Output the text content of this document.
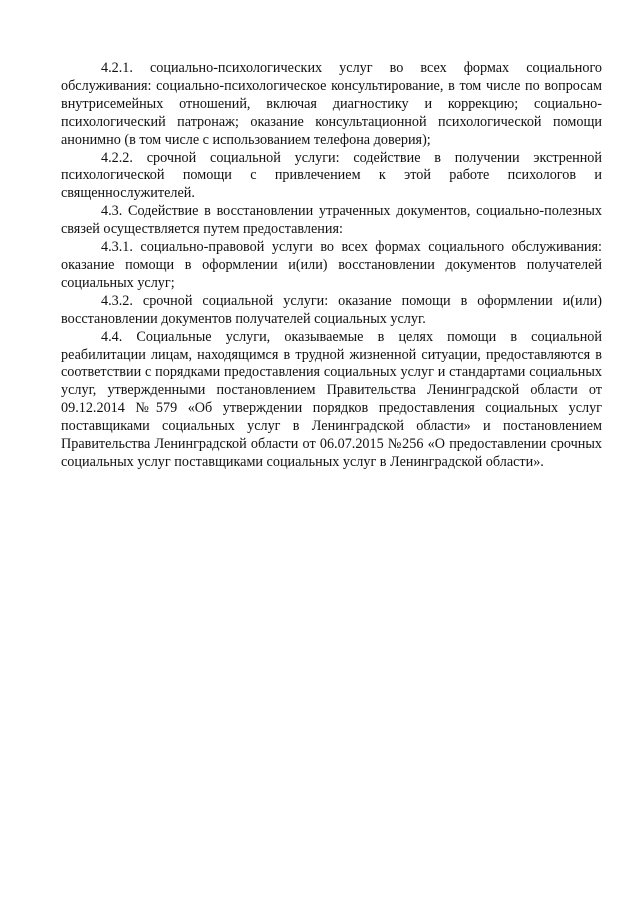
4.2.1. социально-психологических услуг во всех формах социального обслуживания: социально-психологическое консультирование, в том числе по вопросам внутрисемейных отношений, включая диагностику и коррекцию; социально-психологический патронаж; оказание консультационной психологической помощи анонимно (в том числе с использованием телефона доверия);

4.2.2. срочной социальной услуги: содействие в получении экстренной психологической помощи с привлечением к этой работе психологов и священнослужителей.

4.3. Содействие в восстановлении утраченных документов, социально-полезных связей осуществляется путем предоставления:

4.3.1. социально-правовой услуги во всех формах социального обслуживания: оказание помощи в оформлении и(или) восстановлении документов получателей социальных услуг;

4.3.2. срочной социальной услуги: оказание помощи в оформлении и(или) восстановлении документов получателей социальных услуг.

4.4. Социальные услуги, оказываемые в целях помощи в социальной реабилитации лицам, находящимся в трудной жизненной ситуации, предоставляются в соответствии с порядками предоставления социальных услуг и стандартами социальных услуг, утвержденными постановлением Правительства Ленинградской области от 09.12.2014 №579 «Об утверждении порядков предоставления социальных услуг поставщиками социальных услуг в Ленинградской области» и постановлением Правительства Ленинградской области от 06.07.2015 №256 «О предоставлении срочных социальных услуг поставщиками социальных услуг в Ленинградской области».
